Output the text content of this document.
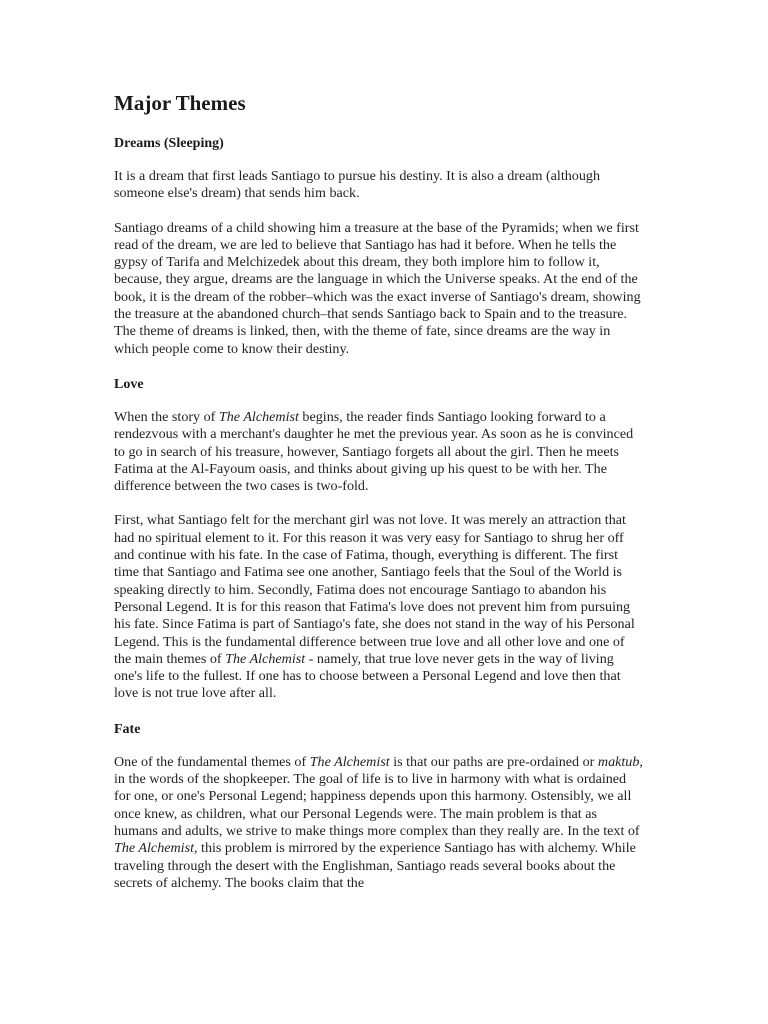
Major Themes
Dreams (Sleeping)

It is a dream that first leads Santiago to pursue his destiny. It is also a dream (although someone else's dream) that sends him back.

Santiago dreams of a child showing him a treasure at the base of the Pyramids; when we first read of the dream, we are led to believe that Santiago has had it before. When he tells the gypsy of Tarifa and Melchizedek about this dream, they both implore him to follow it, because, they argue, dreams are the language in which the Universe speaks. At the end of the book, it is the dream of the robber–which was the exact inverse of Santiago's dream, showing the treasure at the abandoned church–that sends Santiago back to Spain and to the treasure. The theme of dreams is linked, then, with the theme of fate, since dreams are the way in which people come to know their destiny.

Love

When the story of The Alchemist begins, the reader finds Santiago looking forward to a rendezvous with a merchant's daughter he met the previous year. As soon as he is convinced to go in search of his treasure, however, Santiago forgets all about the girl. Then he meets Fatima at the Al-Fayoum oasis, and thinks about giving up his quest to be with her. The difference between the two cases is two-fold.

First, what Santiago felt for the merchant girl was not love. It was merely an attraction that had no spiritual element to it. For this reason it was very easy for Santiago to shrug her off and continue with his fate. In the case of Fatima, though, everything is different. The first time that Santiago and Fatima see one another, Santiago feels that the Soul of the World is speaking directly to him. Secondly, Fatima does not encourage Santiago to abandon his Personal Legend. It is for this reason that Fatima's love does not prevent him from pursuing his fate. Since Fatima is part of Santiago's fate, she does not stand in the way of his Personal Legend. This is the fundamental difference between true love and all other love and one of the main themes of The Alchemist - namely, that true love never gets in the way of living one's life to the fullest. If one has to choose between a Personal Legend and love then that love is not true love after all.

Fate

One of the fundamental themes of The Alchemist is that our paths are pre-ordained or maktub, in the words of the shopkeeper. The goal of life is to live in harmony with what is ordained for one, or one's Personal Legend; happiness depends upon this harmony. Ostensibly, we all once knew, as children, what our Personal Legends were. The main problem is that as humans and adults, we strive to make things more complex than they really are. In the text of The Alchemist, this problem is mirrored by the experience Santiago has with alchemy. While traveling through the desert with the Englishman, Santiago reads several books about the secrets of alchemy. The books claim that the
